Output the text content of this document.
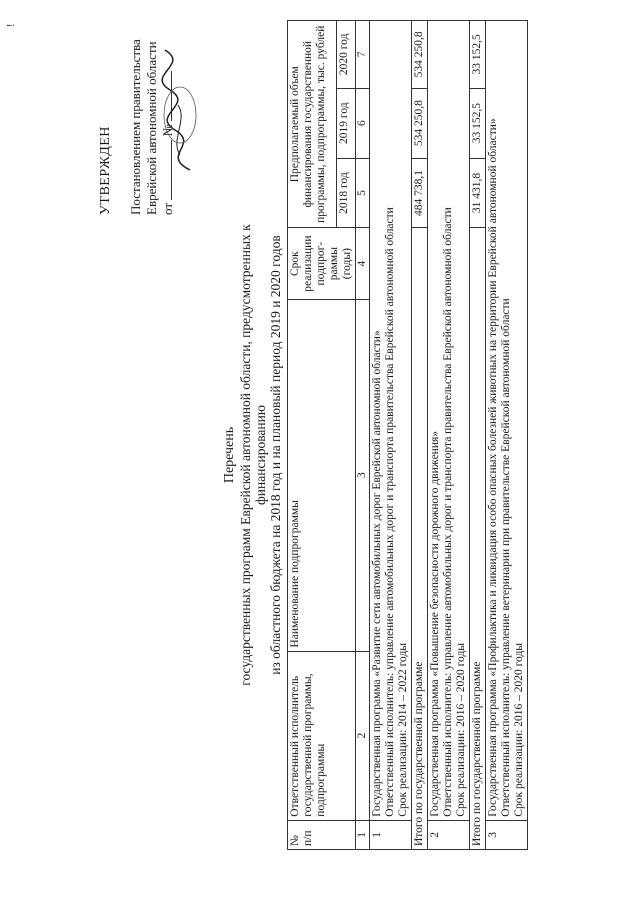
УТВЕРЖДЕН Постановлением правительства Еврейской автономной области от  №
Перечень государственных программ Еврейской автономной области, предусмотренных к финансированию из областного бюджета на 2018 год и на плановый период 2019 и 2020 годов
№ п/п	Ответственный исполнитель государственной программы, подпрограммы	Наименование подпрограммы	Срок реализации подпрог-раммы (годы)	Предполагаемый объем финансирования государственной программы, подпрограммы, тыс. рублей		
				2018 год	2019 год	2020 год
1	2	3	4	5	6	7
1	Государственная программа «Развитие сети автомобильных дорог Еврейской автономной области» Ответственный исполнитель: управление автомобильных дорог и транспорта правительства Еврейской автономной области Срок реализации: 2014 – 2022 годы					

Итого по государственной программе				484 738,1	534 250,8	534 250,8
2	Государственная программа «Повышение безопасности дорожного движения» Ответственный исполнитель: управление автомобильных дорог и транспорта правительства Еврейской автономной области Срок реализации: 2016 – 2020 годы					

Итого по государственной программе				31 431,8	33 152,5	33 152,5
3	Государственная программа «Профилактика и ликвидация особо опасных болезней животных на территории Еврейской автономной области» Ответственный исполнитель: управление ветеринарии при правительстве Еврейской автономной области Срок реализации: 2016 – 2020 годы					
!
